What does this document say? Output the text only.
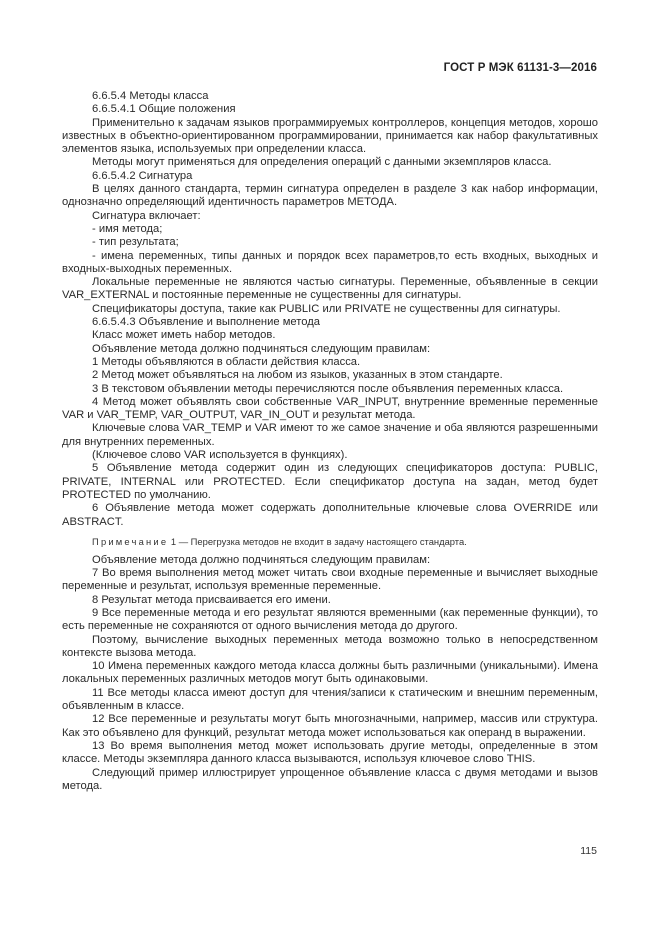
ГОСТ Р МЭК 61131-3—2016

6.6.5.4 Методы класса

6.6.5.4.1 Общие положения

Применительно к задачам языков программируемых контроллеров, концепция методов, хорошо известных в объектно-ориентированном программировании, принимается как набор факультативных элементов языка, используемых при определении класса.

Методы могут применяться для определения операций с данными экземпляров класса.

6.6.5.4.2 Сигнатура

В целях данного стандарта, термин сигнатура определен в разделе 3 как набор информации, однозначно определяющий идентичность параметров МЕТОДА.

Сигнатура включает:

- имя метода;

- тип результата;

- имена переменных, типы данных и порядок всех параметров,то есть входных, выходных и входных-выходных переменных.

Локальные переменные не являются частью сигнатуры. Переменные, объявленные в секции VAR_EXTERNAL и постоянные переменные не существенны для сигнатуры.

Спецификаторы доступа, такие как PUBLIC или PRIVATE не существенны для сигнатуры.

6.6.5.4.3 Объявление и выполнение метода

Класс может иметь набор методов.

Объявление метода должно подчиняться следующим правилам:

1 Методы объявляются в области действия класса.

2 Метод может объявляться на любом из языков, указанных в этом стандарте.

3 В текстовом объявлении методы перечисляются после объявления переменных класса.

4 Метод может объявлять свои собственные VAR_INPUT, внутренние временные переменные VAR и VAR_TEMP, VAR_OUTPUT, VAR_IN_OUT и результат метода.

Ключевые слова VAR_TEMP и VAR имеют то же самое значение и оба являются разрешенными для внутренних переменных.

(Ключевое слово VAR используется в функциях).

5 Объявление метода содержит один из следующих спецификаторов доступа: PUBLIC, PRIVATE, INTERNAL или PROTECTED. Если спецификатор доступа на задан, метод будет PROTECTED по умолчанию.

6 Объявление метода может содержать дополнительные ключевые слова OVERRIDE или ABSTRACT.

Примечание 1 — Перегрузка методов не входит в задачу настоящего стандарта.

Объявление метода должно подчиняться следующим правилам:

7 Во время выполнения метод может читать свои входные переменные и вычисляет выходные переменные и результат, используя временные переменные.

8 Результат метода присваивается его имени.

9 Все переменные метода и его результат являются временными (как переменные функции), то есть переменные не сохраняются от одного вычисления метода до другого.

Поэтому, вычисление выходных переменных метода возможно только в непосредственном контексте вызова метода.

10 Имена переменных каждого метода класса должны быть различными (уникальными). Имена локальных переменных различных методов могут быть одинаковыми.

11 Все методы класса имеют доступ для чтения/записи к статическим и внешним переменным, объявленным в классе.

12 Все переменные и результаты могут быть многозначными, например, массив или структура. Как это объявлено для функций, результат метода может использоваться как операнд в выражении.

13 Во время выполнения метод может использовать другие методы, определенные в этом классе. Методы экземпляра данного класса вызываются, используя ключевое слово THIS.

Следующий пример иллюстрирует упрощенное объявление класса с двумя методами и вызов метода.

115
